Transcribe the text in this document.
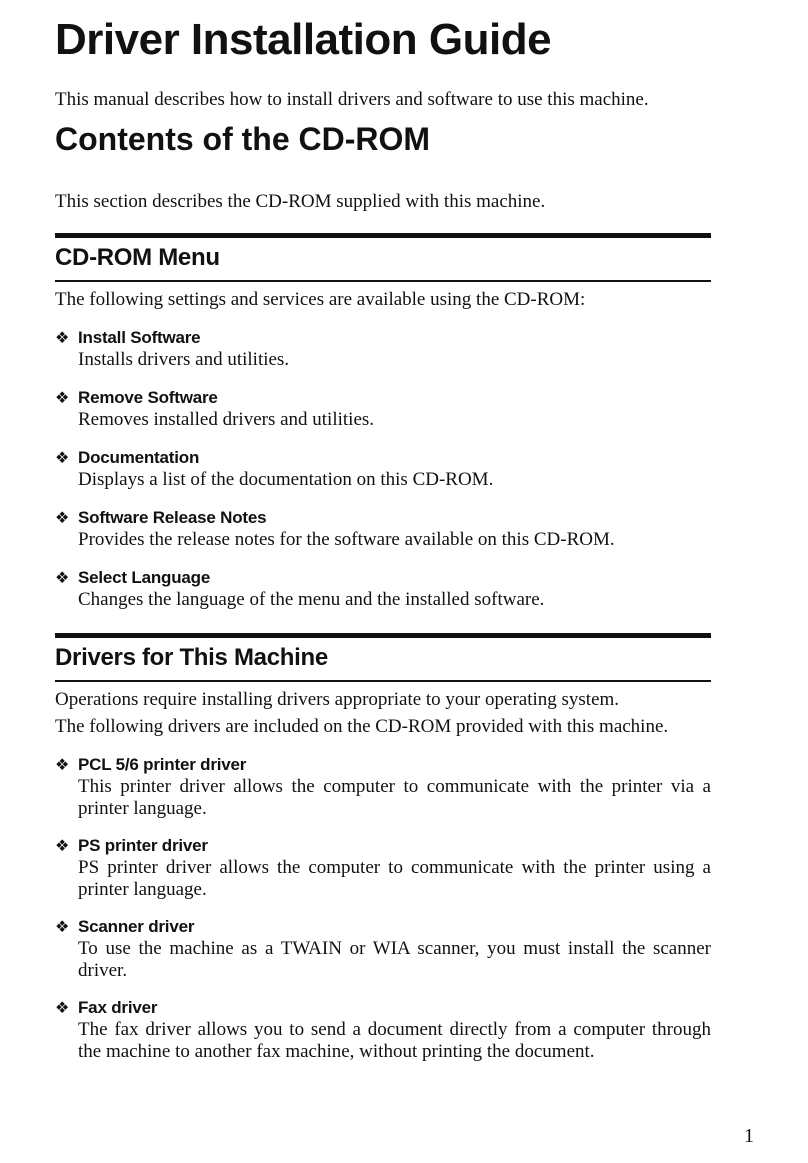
Driver Installation Guide
This manual describes how to install drivers and software to use this machine.
Contents of the CD-ROM
This section describes the CD-ROM supplied with this machine.
CD-ROM Menu
The following settings and services are available using the CD-ROM:
❖ Install Software
Installs drivers and utilities.
❖ Remove Software
Removes installed drivers and utilities.
❖ Documentation
Displays a list of the documentation on this CD-ROM.
❖ Software Release Notes
Provides the release notes for the software available on this CD-ROM.
❖ Select Language
Changes the language of the menu and the installed software.
Drivers for This Machine
Operations require installing drivers appropriate to your operating system.
The following drivers are included on the CD-ROM provided with this machine.
❖ PCL 5/6 printer driver
This printer driver allows the computer to communicate with the printer via a printer language.
❖ PS printer driver
PS printer driver allows the computer to communicate with the printer using a printer language.
❖ Scanner driver
To use the machine as a TWAIN or WIA scanner, you must install the scanner driver.
❖ Fax driver
The fax driver allows you to send a document directly from a computer through the machine to another fax machine, without printing the document.
1
